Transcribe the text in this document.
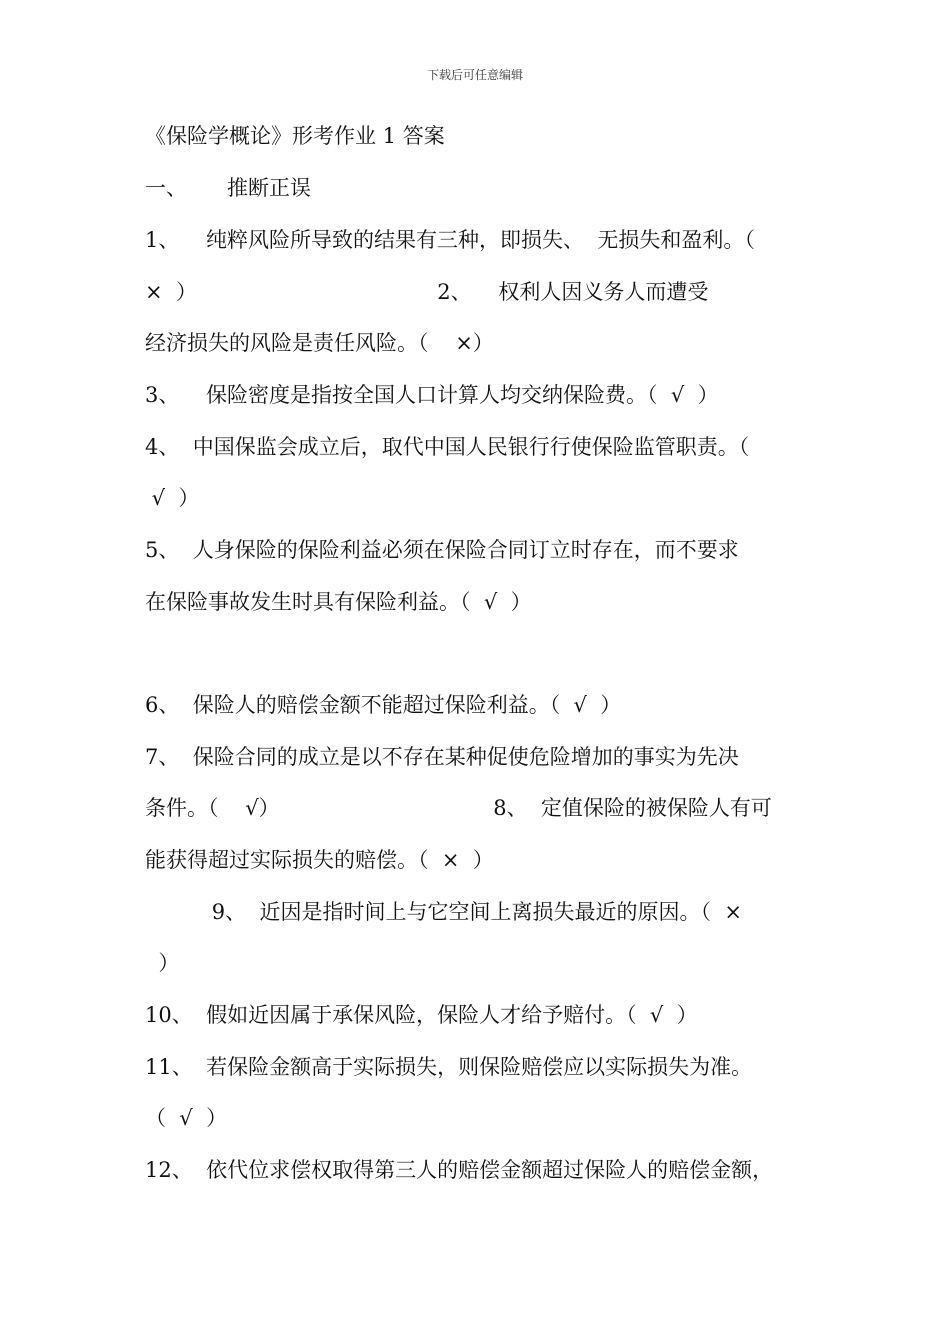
下载后可任意编辑
《保险学概论》形考作业 1 答案
一、      推断正误
1、    纯粹风险所导致的结果有三种，即损失、  无损失和盈利。（
×  ）                                    2、    权利人因义务人而遭受
经济损失的风险是责任风险。（    ×）
3、    保险密度是指按全国人口计算人均交纳保险费。（  √  ）
4、  中国保监会成立后，取代中国人民银行行使保险监管职责。（
√  ）
5、  人身保险的保险利益必须在保险合同订立时存在，而不要求
在保险事故发生时具有保险利益。（  √  ）
6、  保险人的赔偿金额不能超过保险利益。（  √  ）
7、  保险合同的成立是以不存在某种促使危险增加的事实为先决
条件。（    √）                                8、  定值保险的被保险人有可
能获得超过实际损失的赔偿。（  ×  ）
9、  近因是指时间上与它空间上离损失最近的原因。（  ×
）
10、  假如近因属于承保风险，保险人才给予赔付。（  √  ）
11、  若保险金额高于实际损失，则保险赔偿应以实际损失为准。
（  √  ）
12、  依代位求偿权取得第三人的赔偿金额超过保险人的赔偿金额，
